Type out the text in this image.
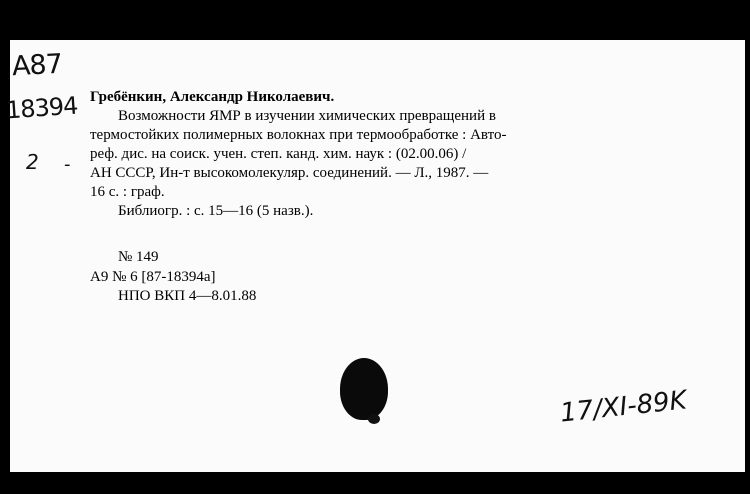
А87
18394
2 -
Гребёнкин, Александр Николаевич.
Возможности ЯМР в изучении химических превращений в
термостойких полимерных волокнах при термообработке : Авто-
реф. дис. на соиск. учен. степ. канд. хим. наук : (02.00.06) /
АН СССР, Ин-т высокомолекуляр. соединений. — Л., 1987. —
16 с. : граф.
Библиогр. : с. 15—16 (5 назв.).
№ 149
А9 № 6 [87-18394а]
НПО ВКП 4—8.01.88
17/XI-89K
